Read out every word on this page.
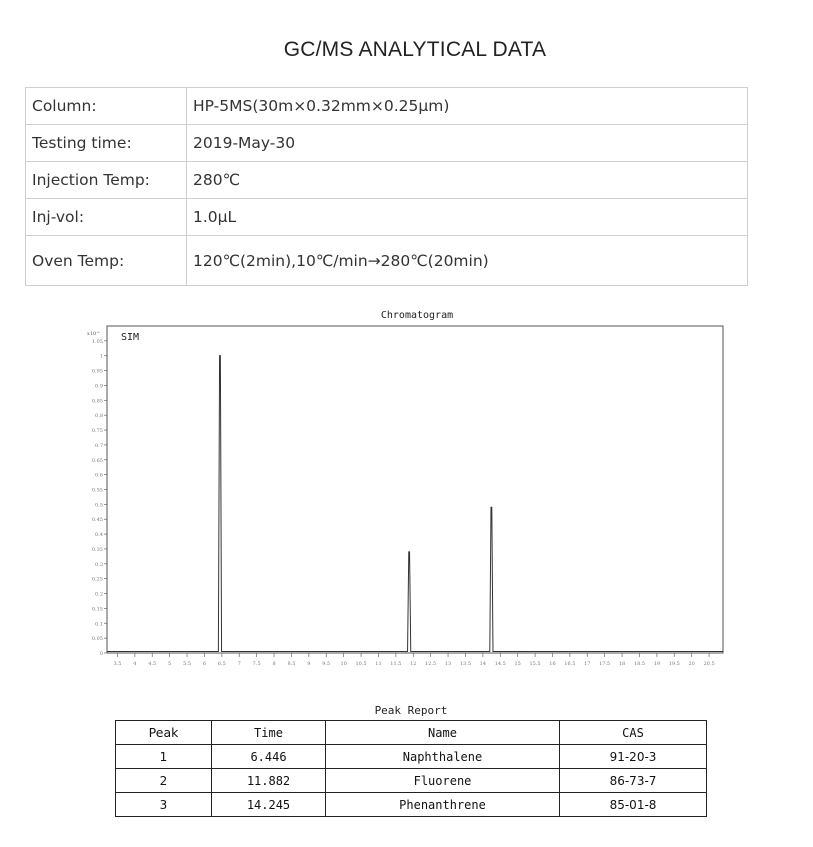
GC/MS ANALYTICAL DATA
Column:	HP-5MS(30m×0.32mm×0.25μm)
Testing time:	2019-May-30
Injection Temp:	280℃
Inj-vol:	1.0μL
Oven Temp:	120℃(2min),10℃/min→280℃(20min)
Chromatogram
SIM
x10^
0
0.05
0.1
0.15
0.2
0.25
0.3
0.35
0.4
0.45
0.5
0.55
0.6
0.65
0.7
0.75
0.8
0.85
0.9
0.95
1
1.05
3.5 4 4.5 5 5.5 6 6.5 7 7.5 8 8.5 9 9.5 10 10.5 11 11.5 12 12.5 13 13.5 14 14.5 15 15.5 16 16.5 17 17.5 18 18.5 19 19.5 20 20.5
Peak Report
Peak	Time	Name	CAS
1	6.446	Naphthalene	91-20-3
2	11.882	Fluorene	86-73-7
3	14.245	Phenanthrene	85-01-8
